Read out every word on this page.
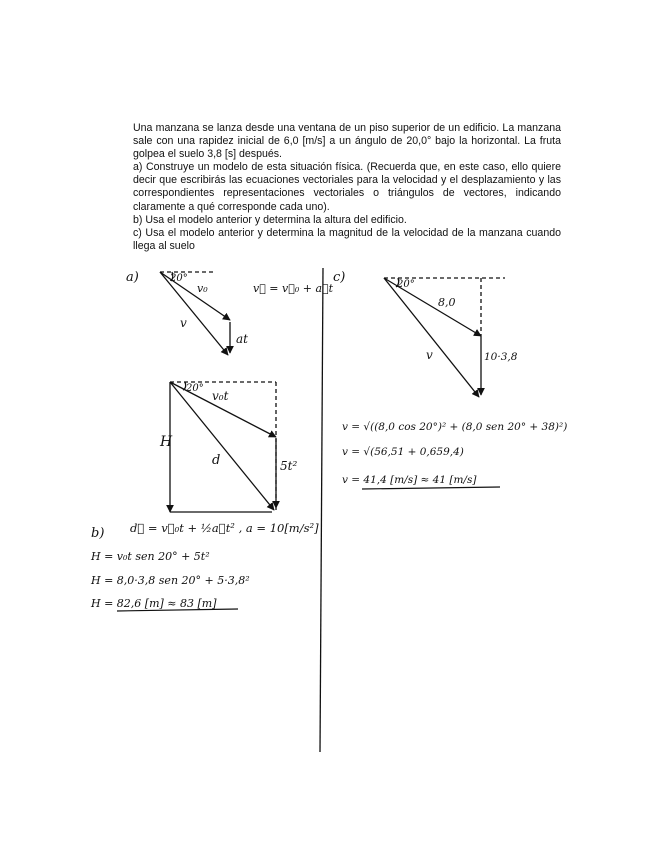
Una manzana se lanza desde una ventana de un piso superior de un edificio. La manzana sale con una rapidez inicial de 6,0 [m/s] a un ángulo de 20,0° bajo la horizontal. La fruta golpea el suelo 3,8 [s] después.

a) Construye un modelo de esta situación física. (Recuerda que, en este caso, ello quiere decir que escribirás las ecuaciones vectoriales para la velocidad y el desplazamiento y las correspondientes representaciones vectoriales o triángulos de vectores, indicando claramente a qué corresponde cada uno).

b) Usa el modelo anterior y determina la altura del edificio.

c) Usa el modelo anterior y determina la magnitud de la velocidad de la manzana cuando llega al suelo

a)	20°
v₀	v⃗ = v⃗₀ + a⃗t
at
v
20°
v₀t
H
d	5t²
b) d⃗ = v⃗₀t + ½a⃗t² , a = 10[m/s²]
H = v₀t sen 20° + 5t²
H = 8,0·3,8 sen 20° + 5·3,8²
H = 82,6 [m] ≈ 83 [m]
c)	20°
8,0
v	10·3,8
v = √((8,0 cos 20°)² + (8,0 sen 20° + 38)²)
v = √(56,51 + 0,659,4)
v = 41,4 [m/s] ≈ 41 [m/s]
